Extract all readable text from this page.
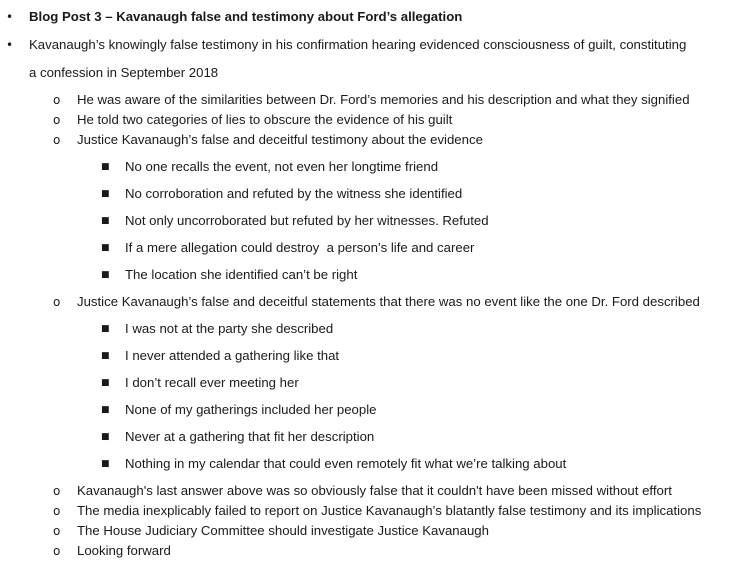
• Blog Post 3 – Kavanaugh false and testimony about Ford’s allegation
• Kavanaugh’s knowingly false testimony in his confirmation hearing evidenced consciousness of guilt, constituting
a confession in September 2018
o He was aware of the similarities between Dr. Ford’s memories and his description and what they signified
o He told two categories of lies to obscure the evidence of his guilt
o Justice Kavanaugh’s false and deceitful testimony about the evidence
■ No one recalls the event, not even her longtime friend
■ No corroboration and refuted by the witness she identified
■ Not only uncorroborated but refuted by her witnesses. Refuted
■ If a mere allegation could destroy  a person’s life and career
■ The location she identified can’t be right
o Justice Kavanaugh’s false and deceitful statements that there was no event like the one Dr. Ford described
■ I was not at the party she described
■ I never attended a gathering like that
■ I don’t recall ever meeting her
■ None of my gatherings included her people
■ Never at a gathering that fit her description
■ Nothing in my calendar that could even remotely fit what we’re talking about
o Kavanaugh's last answer above was so obviously false that it couldn't have been missed without effort
o The media inexplicably failed to report on Justice Kavanaugh’s blatantly false testimony and its implications
o The House Judiciary Committee should investigate Justice Kavanaugh
o Looking forward
